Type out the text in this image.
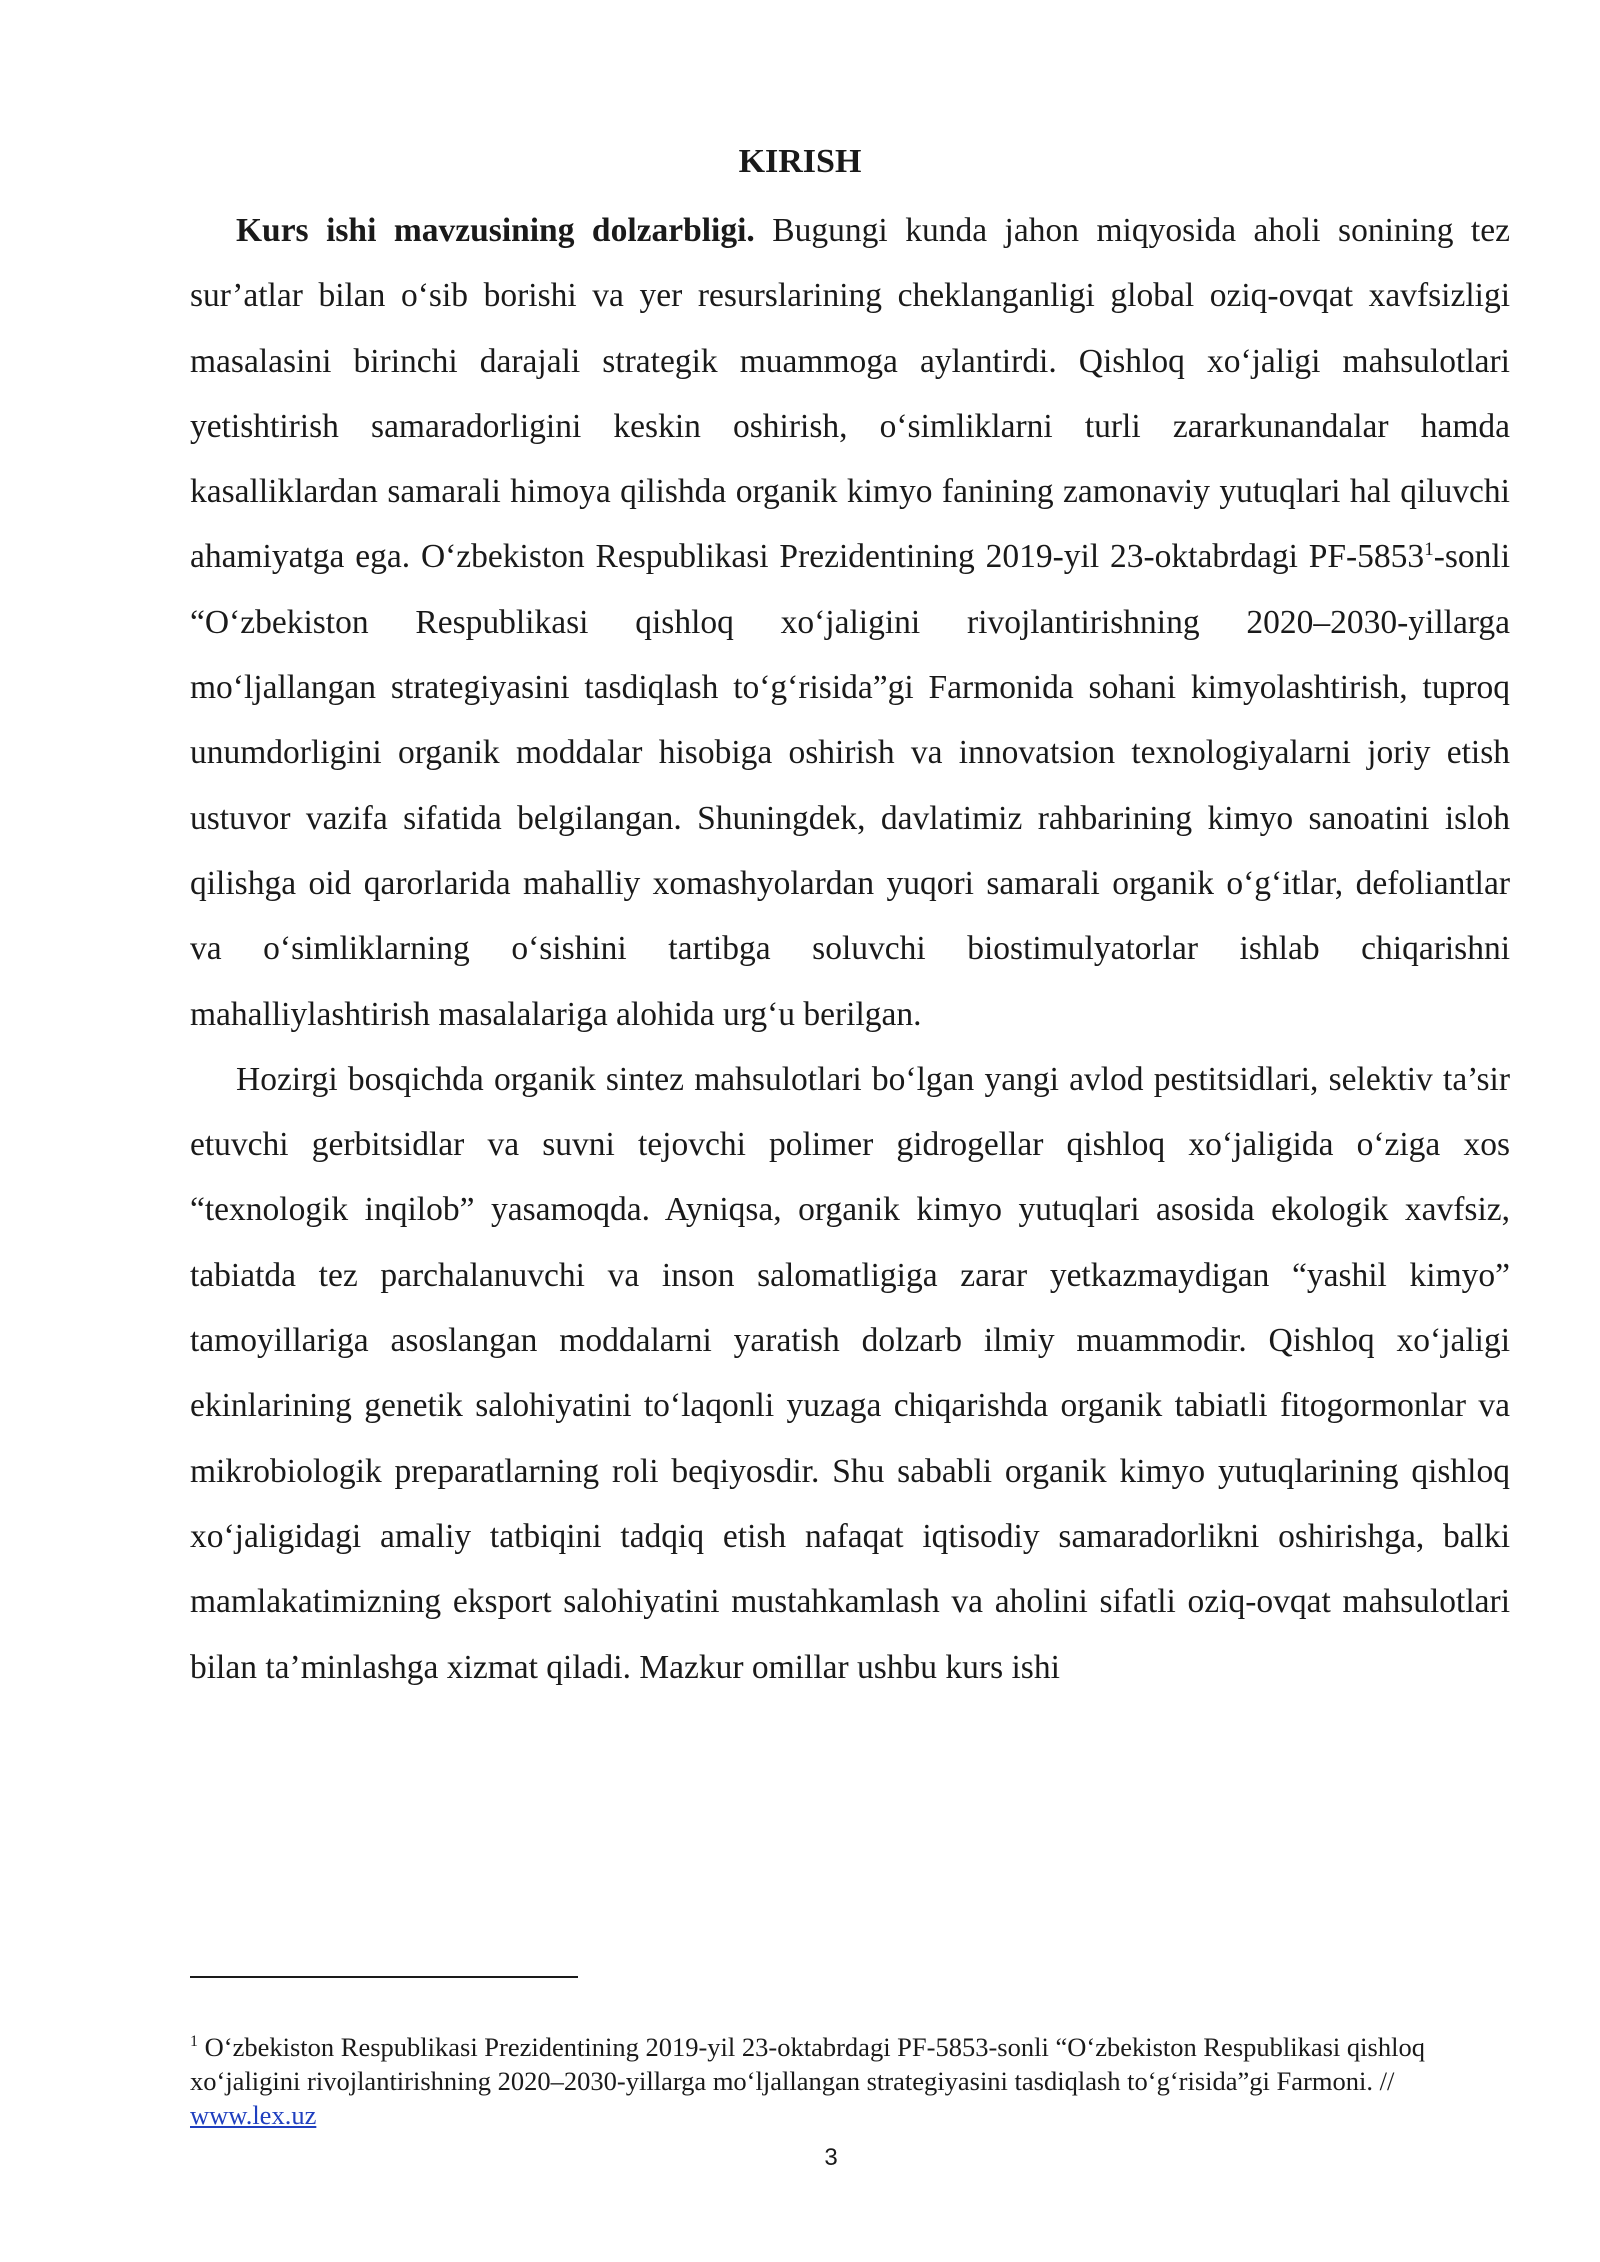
KIRISH

Kurs ishi mavzusining dolzarbligi. Bugungi kunda jahon miqyosida aholi sonining tez sur’atlar bilan o‘sib borishi va yer resurslarining cheklanganligi global oziq-ovqat xavfsizligi masalasini birinchi darajali strategik muammoga aylantirdi. Qishloq xo‘jaligi mahsulotlari yetishtirish samaradorligini keskin oshirish, o‘simliklarni turli zararkunandalar hamda kasalliklardan samarali himoya qilishda organik kimyo fanining zamonaviy yutuqlari hal qiluvchi ahamiyatga ega. O‘zbekiston Respublikasi Prezidentining 2019-yil 23-oktabrdagi PF-5853$^1$-sonli “O‘zbekiston Respublikasi qishloq xo‘jaligini rivojlantirishning 2020–2030-yillarga mo‘ljallangan strategiyasini tasdiqlash to‘g‘risida”gi Farmonida sohani kimyolashtirish, tuproq unumdorligini organik moddalar hisobiga oshirish va innovatsion texnologiyalarni joriy etish ustuvor vazifa sifatida belgilangan. Shuningdek, davlatimiz rahbarining kimyo sanoatini isloh qilishga oid qarorlarida mahalliy xomashyolardan yuqori samarali organik o‘g‘itlar, defoliantlar va o‘simliklarning o‘sishini tartibga soluvchi biostimulyatorlar ishlab chiqarishni mahalliylashtirish masalalariga alohida urg‘u berilgan.

Hozirgi bosqichda organik sintez mahsulotlari bo‘lgan yangi avlod pestitsidlari, selektiv ta’sir etuvchi gerbitsidlar va suvni tejovchi polimer gidrogellar qishloq xo‘jaligida o‘ziga xos “texnologik inqilob” yasamoqda. Ayniqsa, organik kimyo yutuqlari asosida ekologik xavfsiz, tabiatda tez parchalanuvchi va inson salomatligiga zarar yetkazmaydigan “yashil kimyo” tamoyillariga asoslangan moddalarni yaratish dolzarb ilmiy muammodir. Qishloq xo‘jaligi ekinlarining genetik salohiyatini to‘laqonli yuzaga chiqarishda organik tabiatli fitogormonlar va mikrobiologik preparatlarning roli beqiyosdir. Shu sababli organik kimyo yutuqlarining qishloq xo‘jaligidagi amaliy tatbiqini tadqiq etish nafaqat iqtisodiy samaradorlikni oshirishga, balki mamlakatimizning eksport salohiyatini mustahkamlash va aholini sifatli oziq-ovqat mahsulotlari bilan ta’minlashga xizmat qiladi. Mazkur omillar ushbu kurs ishi

$^1$ O‘zbekiston Respublikasi Prezidentining 2019-yil 23-oktabrdagi PF-5853-sonli “O‘zbekiston Respublikasi qishloq xo‘jaligini rivojlantirishning 2020–2030-yillarga mo‘ljallangan strategiyasini tasdiqlash to‘g‘risida”gi Farmoni. // www.lex.uz
3
